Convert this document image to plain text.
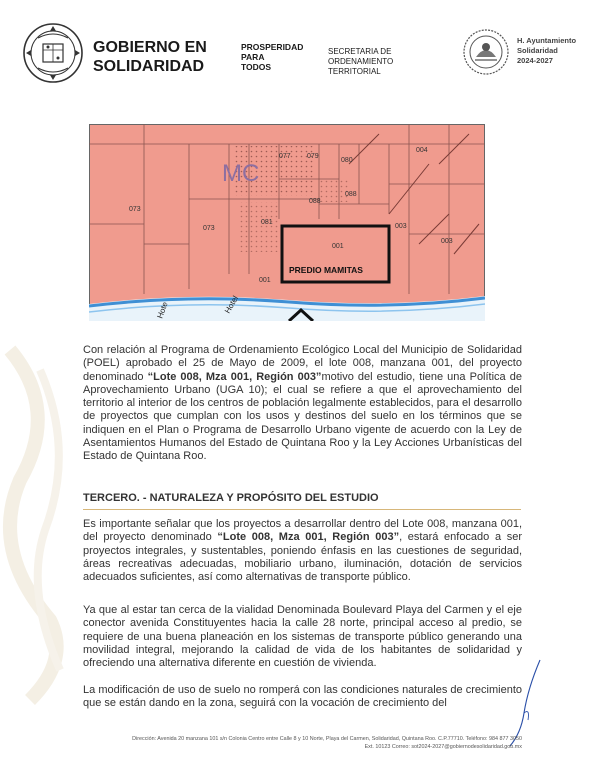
GOBIERNO EN
SOLIDARIDAD
PROSPERIDAD
PARA
TODOS
SECRETARIA DE
ORDENAMIENTO
TERRITORIAL
H. Ayuntamiento
Solidaridad
2024-2027
MC
PREDIO MAMITAS
Hote	Hotel
004
073
073
077 079
080
088
088
081
003
003
001
001

Con relación al Programa de Ordenamiento Ecológico Local del Municipio de Solidaridad (POEL) aprobado el 25 de Mayo de 2009, el lote 008, manzana 001, del proyecto denominado “Lote 008, Mza 001, Región 003”motivo del estudio, tiene una Política de Aprovechamiento Urbano (UGA 10); el cual se refiere a que el aprovechamiento del territorio al interior de los centros de población legalmente establecidos, para el desarrollo de proyectos que cumplan con los usos y destinos del suelo en los términos que se indiquen en el Plan o Programa de Desarrollo Urbano vigente de acuerdo con la Ley de Asentamientos Humanos del Estado de Quintana Roo y la Ley Acciones Urbanísticas del Estado de Quintana Roo.

TERCERO. - NATURALEZA Y PROPÓSITO DEL ESTUDIO

Es importante señalar que los proyectos a desarrollar dentro del Lote 008, manzana 001, del proyecto denominado “Lote 008, Mza 001, Región 003”, estará enfocado a ser proyectos integrales, y sustentables, poniendo énfasis en las cuestiones de seguridad, áreas recreativas adecuadas, mobiliario urbano, iluminación, dotación de servicios adecuados suficientes, así como alternativas de transporte público.

Ya que al estar tan cerca de la vialidad Denominada Boulevard Playa del Carmen y el eje conector avenida Constituyentes hacia la calle 28 norte, principal acceso al predio, se requiere de una buena planeación en los sistemas de transporte público generando una movilidad integral, mejorando la calidad de vida de los habitantes de solidaridad y ofreciendo una alternativa diferente en cuestión de vivienda.

La modificación de uso de suelo no romperá con las condiciones naturales de crecimiento que se están dando en la zona, seguirá con la vocación de crecimiento del

Dirección: Avenida 20 manzana 101 s/n Colonia Centro entre Calle 8 y 10 Norte, Playa del Carmen, Solidaridad, Quintana Roo. C.P.77710. Teléfono: 984 877 3050
Ext. 10123 Correo: sot2024-2027@gobiernodesolidaridad.gob.mx
